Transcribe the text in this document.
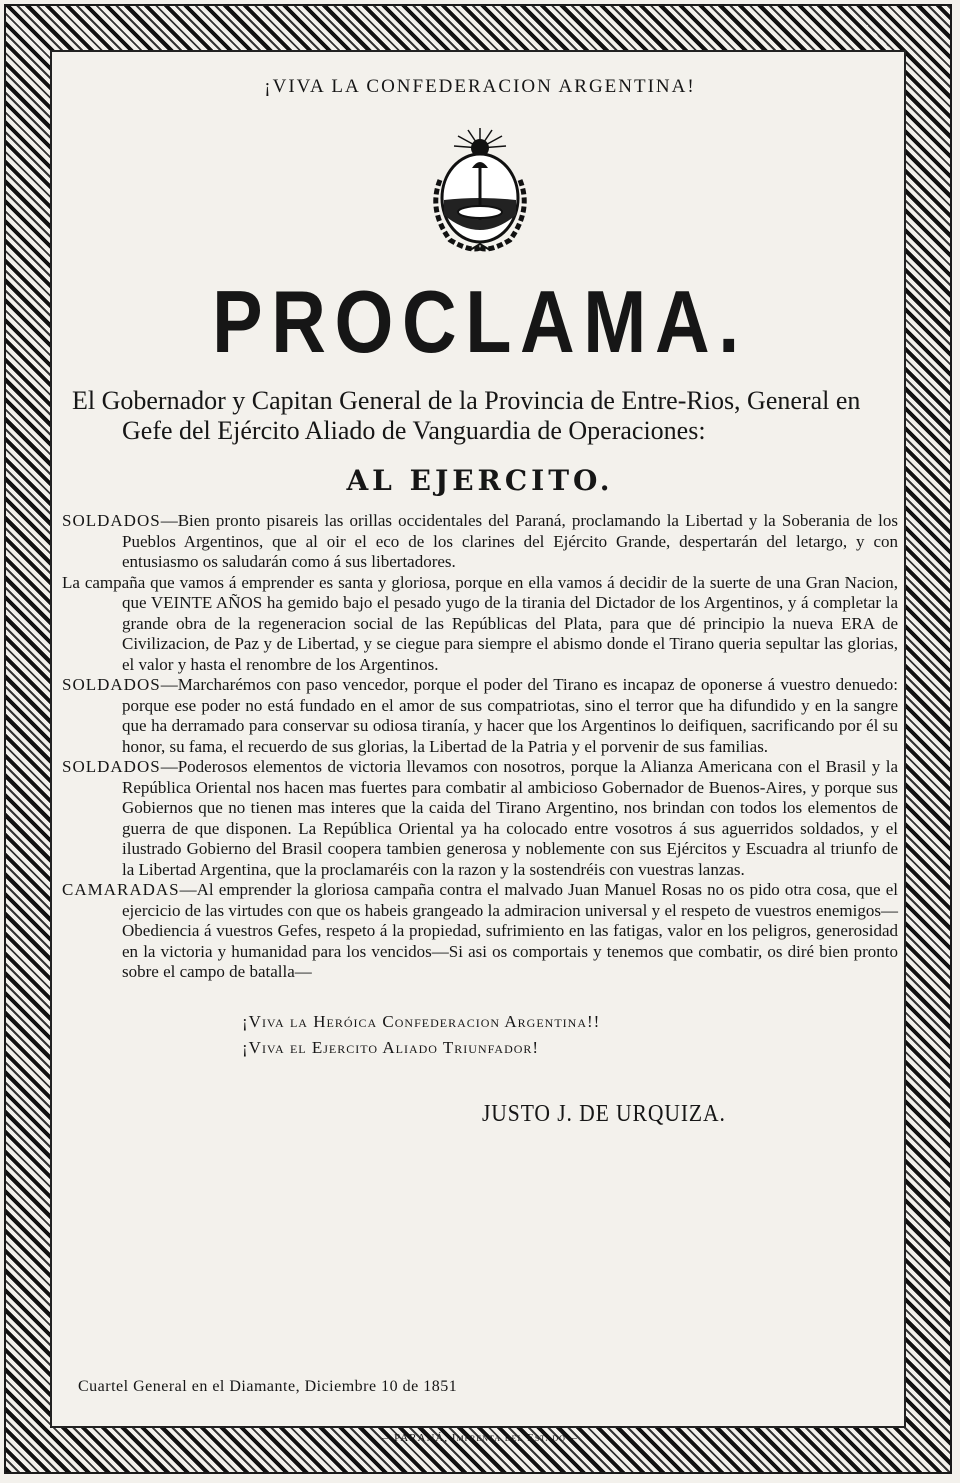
¡VIVA LA CONFEDERACION ARGENTINA!
PROCLAMA.
El Gobernador y Capitan General de la Provincia de Entre-Rios, General en
Gefe del Ejército Aliado de Vanguardia de Operaciones:
AL EJERCITO.

SOLDADOS—Bien pronto pisareis las orillas occidentales del Paraná, proclamando la Libertad y la Soberania de los Pueblos Argentinos, que al oir el eco de los clarines del Ejército Grande, despertarán del letargo, y con entusiasmo os saludarán como á sus libertadores.

La campaña que vamos á emprender es santa y gloriosa, porque en ella vamos á decidir de la suerte de una Gran Nacion, que VEINTE AÑOS ha gemido bajo el pesado yugo de la tirania del Dictador de los Argentinos, y á completar la grande obra de la regeneracion social de las Repúblicas del Plata, para que dé principio la nueva ERA de Civilizacion, de Paz y de Libertad, y se ciegue para siempre el abismo donde el Tirano queria sepultar las glorias, el valor y hasta el renombre de los Argentinos.

SOLDADOS—Marcharémos con paso vencedor, porque el poder del Tirano es incapaz de oponerse á vuestro denuedo: porque ese poder no está fundado en el amor de sus compatriotas, sino el terror que ha difundido y en la sangre que ha derramado para conservar su odiosa tiranía, y hacer que los Argentinos lo deifiquen, sacrificando por él su honor, su fama, el recuerdo de sus glorias, la Libertad de la Patria y el porvenir de sus familias.

SOLDADOS—Poderosos elementos de victoria llevamos con nosotros, porque la Alianza Americana con el Brasil y la República Oriental nos hacen mas fuertes para combatir al ambicioso Gobernador de Buenos-Aires, y porque sus Gobiernos que no tienen mas interes que la caida del Tirano Argentino, nos brindan con todos los elementos de guerra de que disponen. La República Oriental ya ha colocado entre vosotros á sus aguerridos soldados, y el ilustrado Gobierno del Brasil coopera tambien generosa y noblemente con sus Ejércitos y Escuadra al triunfo de la Libertad Argentina, que la proclamaréis con la razon y la sostendréis con vuestras lanzas.

CAMARADAS—Al emprender la gloriosa campaña contra el malvado Juan Manuel Rosas no os pido otra cosa, que el ejercicio de las virtudes con que os habeis grangeado la admiracion universal y el respeto de vuestros enemigos—Obediencia á vuestros Gefes, respeto á la propiedad, sufrimiento en las fatigas, valor en los peligros, generosidad en la victoria y humanidad para los vencidos—Si asi os comportais y tenemos que combatir, os diré bien pronto sobre el campo de batalla—

¡Viva la Heróica Confederacion Argentina!!
¡Viva el Ejercito Aliado Triunfador!
JUSTO J. DE URQUIZA.
Cuartel General en el Diamante, Diciembre 10 de 1851
—PARANÁ, Imprenta del Estado—
